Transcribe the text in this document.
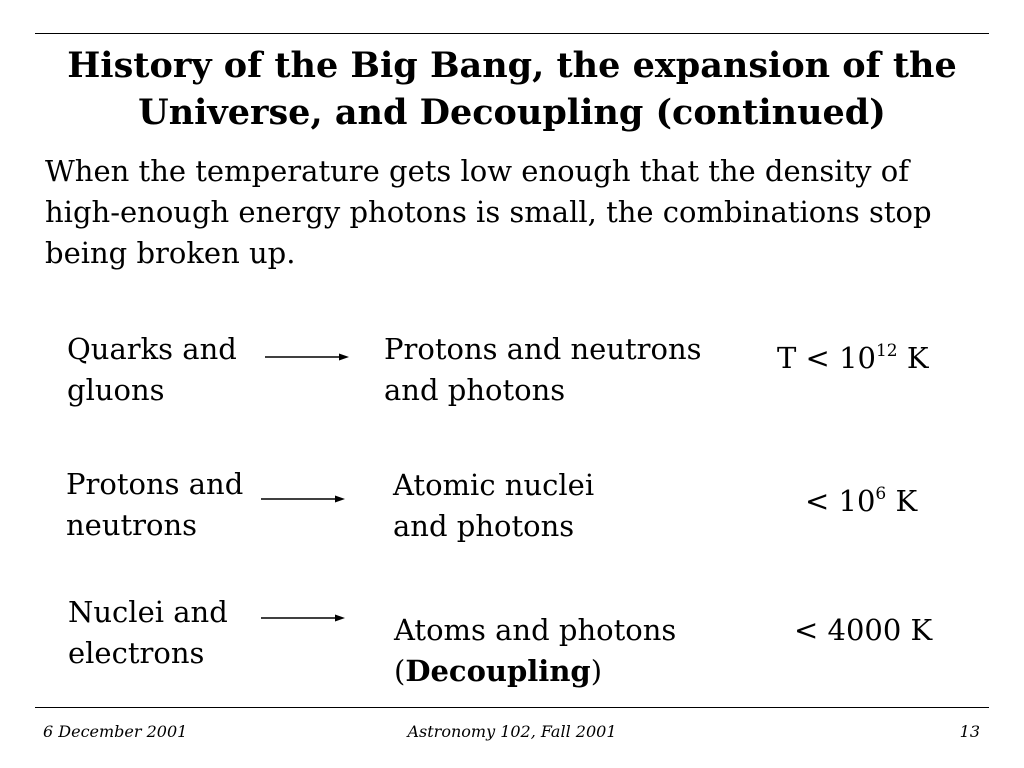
History of the Big Bang, the expansion of the
Universe, and Decoupling (continued)
When the temperature gets low enough that the density of
high-enough energy photons is small, the combinations stop
being broken up.
Quarks and
gluons
Protons and neutrons
and photons
$T < 10^{12}$ K
Protons and
neutrons
Atomic nuclei
and photons
< $10^6$ K
Nuclei and
electrons
Atoms and photons
(Decoupling)
< 4000 K
6 December 2001	Astronomy 102, Fall 2001	13
